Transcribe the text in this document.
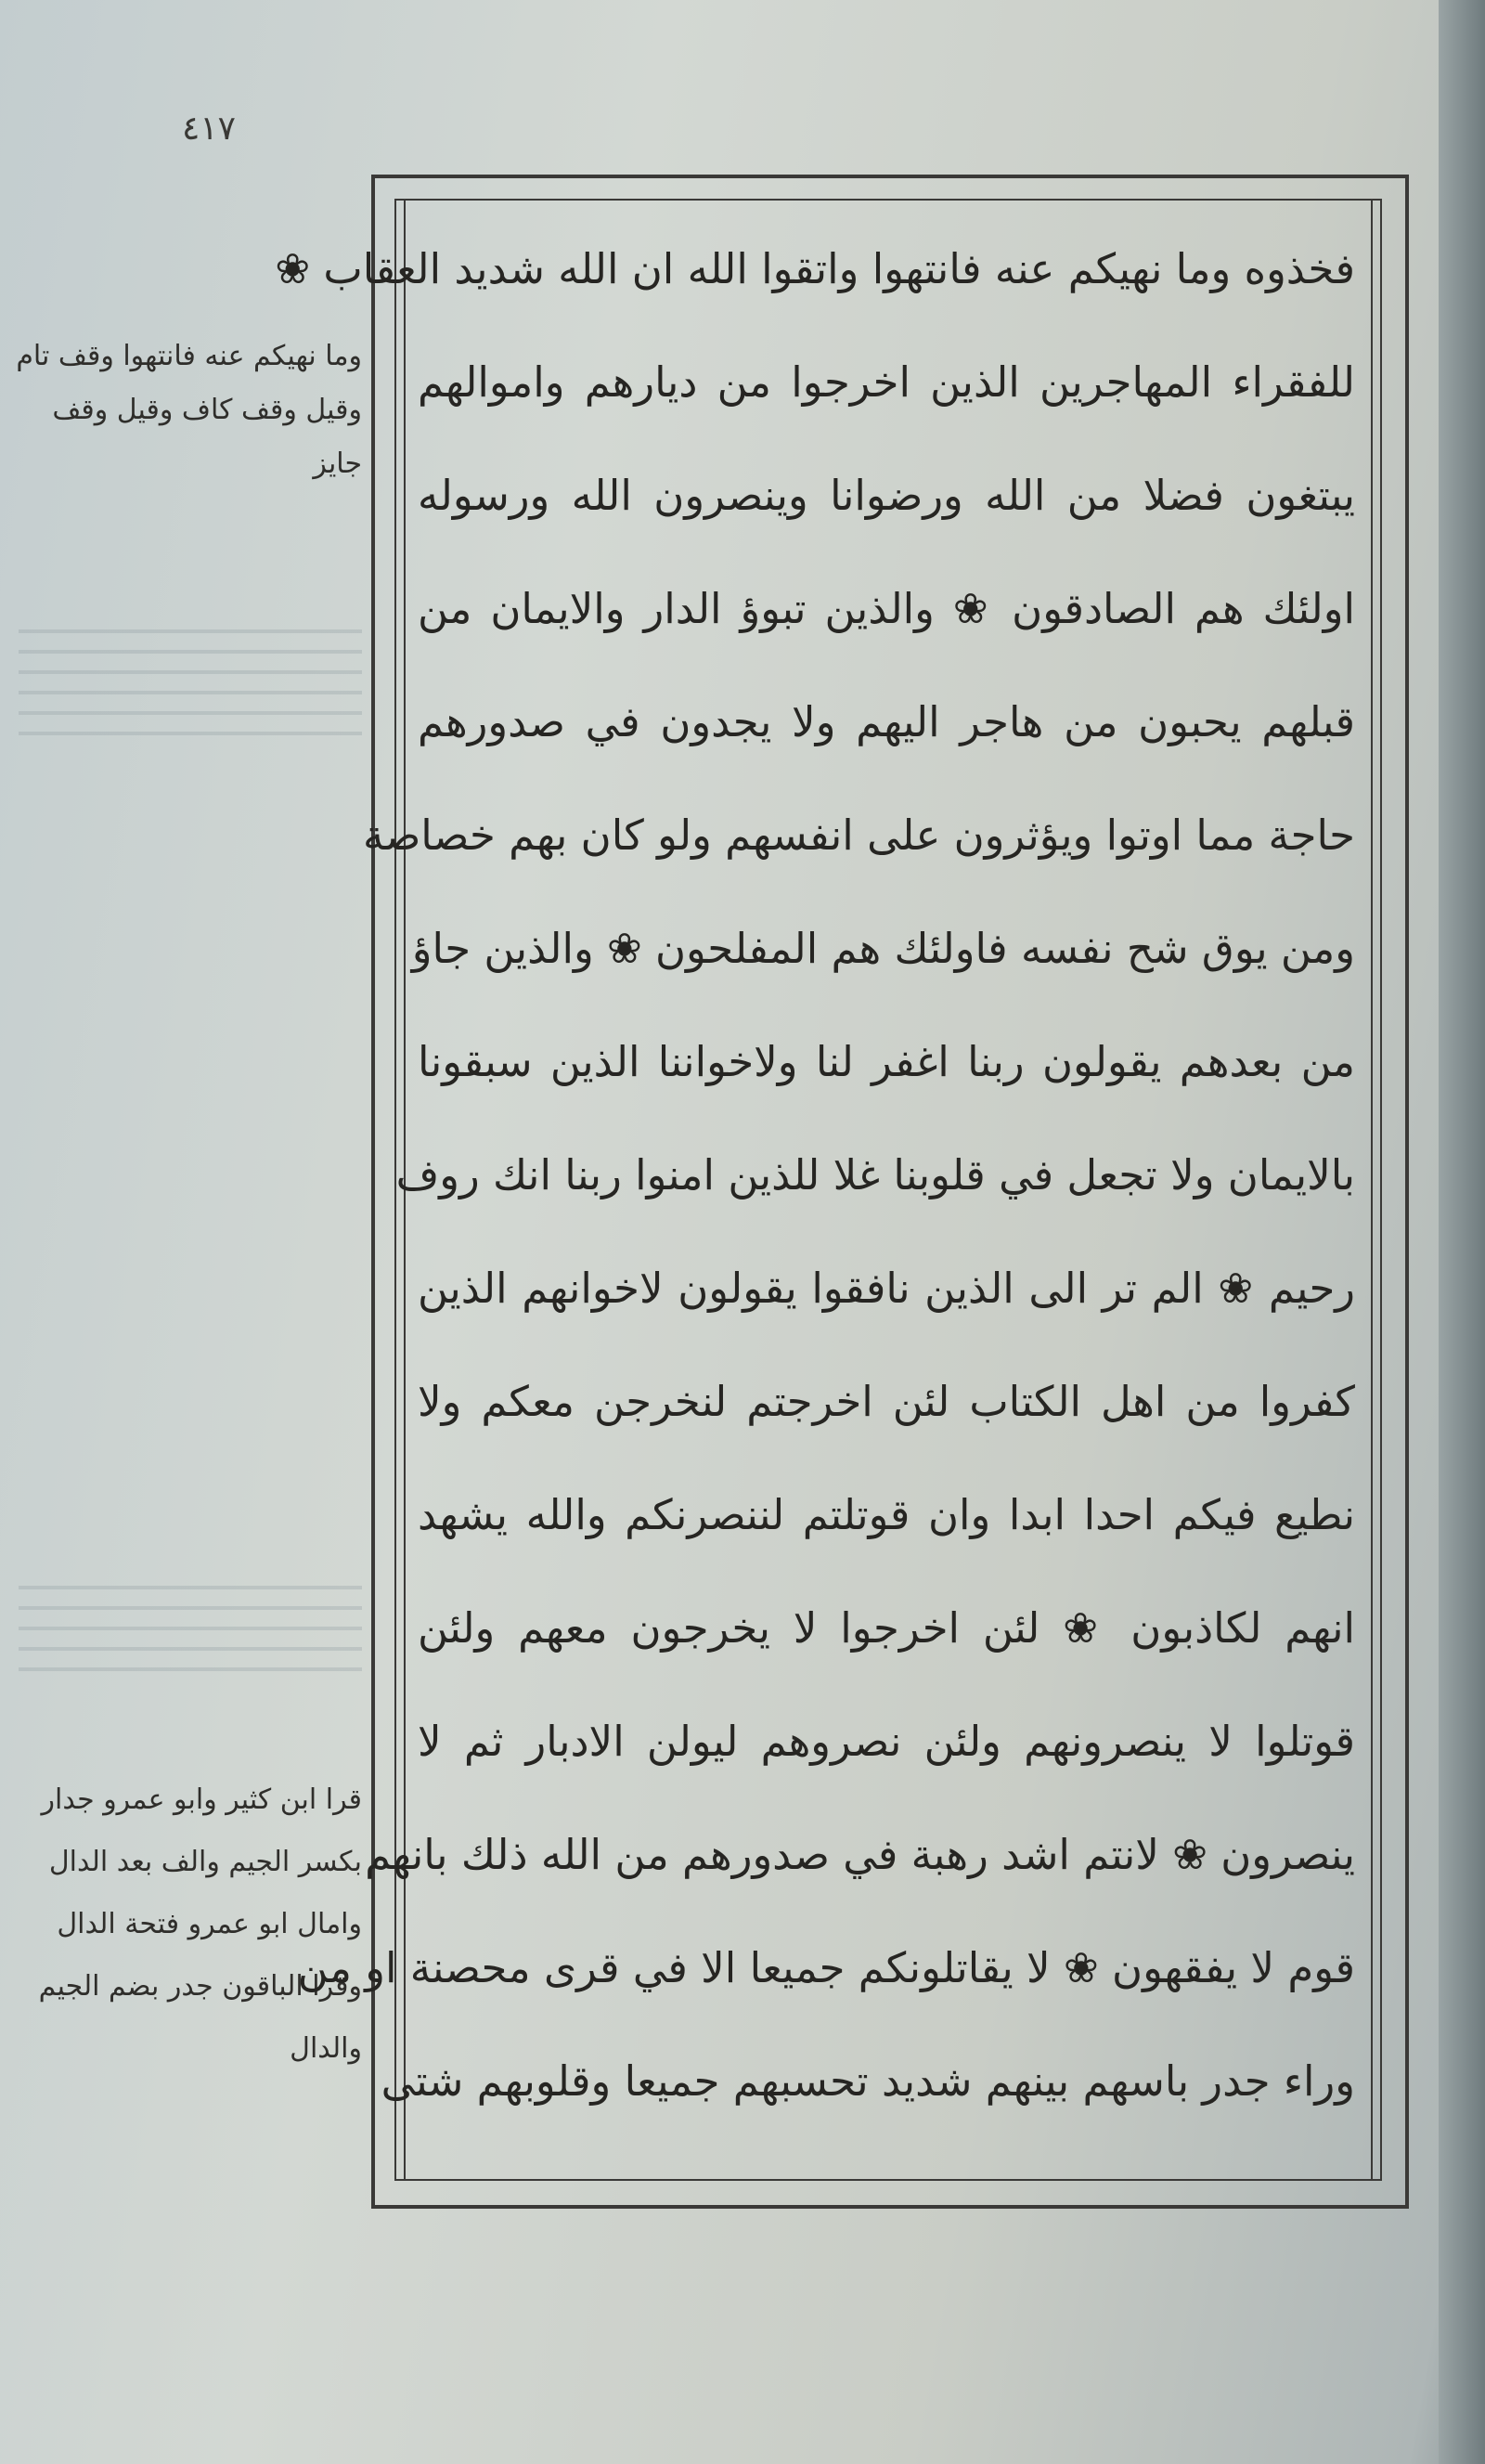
٤١٧
وما نهيكم عنه فانتهوا وقف تام
وقيل وقف كاف وقيل وقف
جايز
قرا ابن كثير وابو عمرو جدار
بكسر الجيم والف بعد الدال
وامال ابو عمرو فتحة الدال
وقرا الباقون جدر بضم الجيم
والدال
فخذوه وما نهيكم عنه فانتهوا واتقوا الله ان الله شديد العقاب ❀
للفقراء المهاجرين الذين اخرجوا من ديارهم واموالهم
يبتغون فضلا من الله ورضوانا وينصرون الله ورسوله
اولئك هم الصادقون ❀ والذين تبوؤ الدار والايمان من
قبلهم يحبون من هاجر اليهم ولا يجدون في صدورهم
حاجة مما اوتوا ويؤثرون على انفسهم ولو كان بهم خصاصة
ومن يوق شح نفسه فاولئك هم المفلحون ❀ والذين جاؤ
من بعدهم يقولون ربنا اغفر لنا ولاخواننا الذين سبقونا
بالايمان ولا تجعل في قلوبنا غلا للذين امنوا ربنا انك روف
رحيم ❀ الم تر الى الذين نافقوا يقولون لاخوانهم الذين
كفروا من اهل الكتاب لئن اخرجتم لنخرجن معكم ولا
نطيع فيكم احدا ابدا وان قوتلتم لننصرنكم والله يشهد
انهم لكاذبون ❀ لئن اخرجوا لا يخرجون معهم ولئن
قوتلوا لا ينصرونهم ولئن نصروهم ليولن الادبار ثم لا
ينصرون ❀ لانتم اشد رهبة في صدورهم من الله ذلك بانهم
قوم لا يفقهون ❀ لا يقاتلونكم جميعا الا في قرى محصنة او من
وراء جدر باسهم بينهم شديد تحسبهم جميعا وقلوبهم شتى
